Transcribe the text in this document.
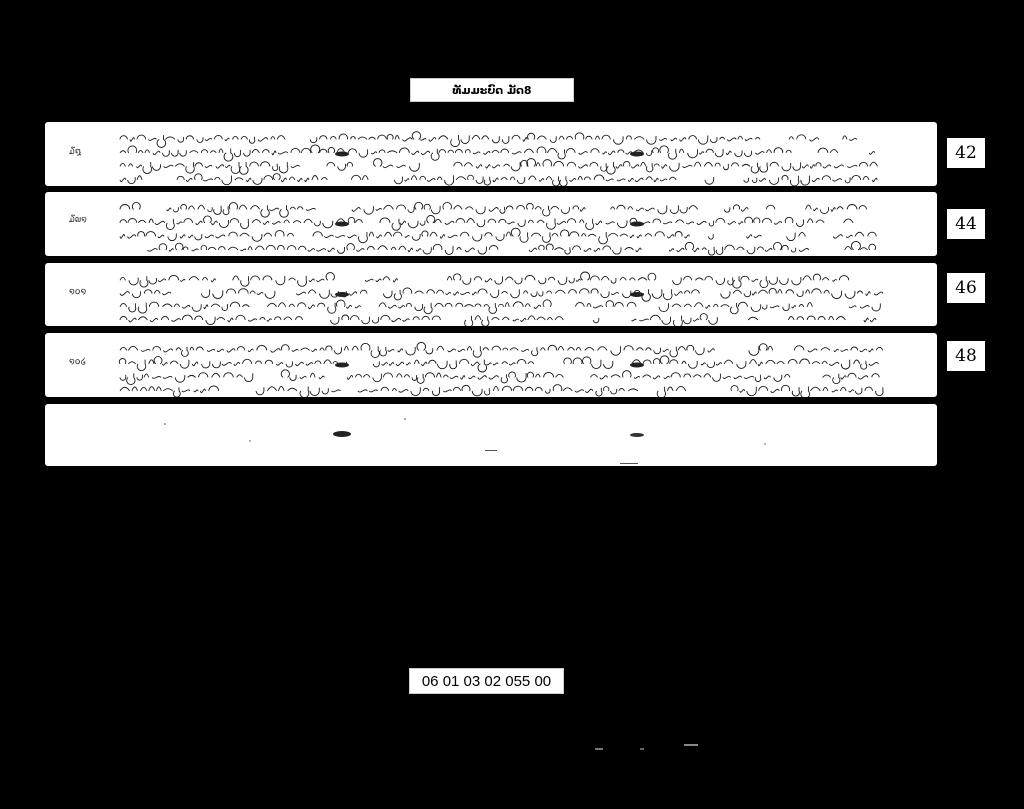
ທັມມະບົດ ມັດ8
໓໘	42
໓໙໑	44
໑໐໑	46
໑໐໒	48
06 01 03 02 055 00
